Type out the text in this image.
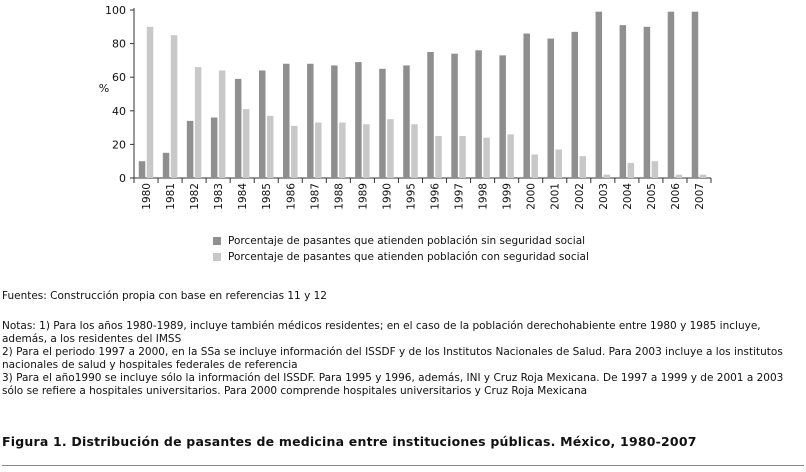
0
20
40
60
80
100
%
1980 1981 1982 1983 1984 1985 1986 1987 1988 1989 1990 1995 1996 1997 1998 1999 2000 2001 2002 2003 2004 2005 2006 2007
Porcentaje de pasantes que atienden población sin seguridad social
Porcentaje de pasantes que atienden población con seguridad social
Fuentes: Construcción propia con base en referencias 11 y 12
Notas: 1) Para los años 1980-1989, incluye también médicos residentes; en el caso de la población derechohabiente entre 1980 y 1985 incluye, además, a los residentes del IMSS
2) Para el periodo 1997 a 2000, en la SSa se incluye información del ISSDF y de los Institutos Nacionales de Salud. Para 2003 incluye a los institutos nacionales de salud y hospitales federales de referencia
3) Para el año1990 se incluye sólo la información del ISSDF. Para 1995 y 1996, además, INI y Cruz Roja Mexicana. De 1997 a 1999 y de 2001 a 2003 sólo se refiere a hospitales universitarios. Para 2000 comprende hospitales universitarios y Cruz Roja Mexicana
Figura 1. Distribución de pasantes de medicina entre instituciones públicas. México, 1980-2007
